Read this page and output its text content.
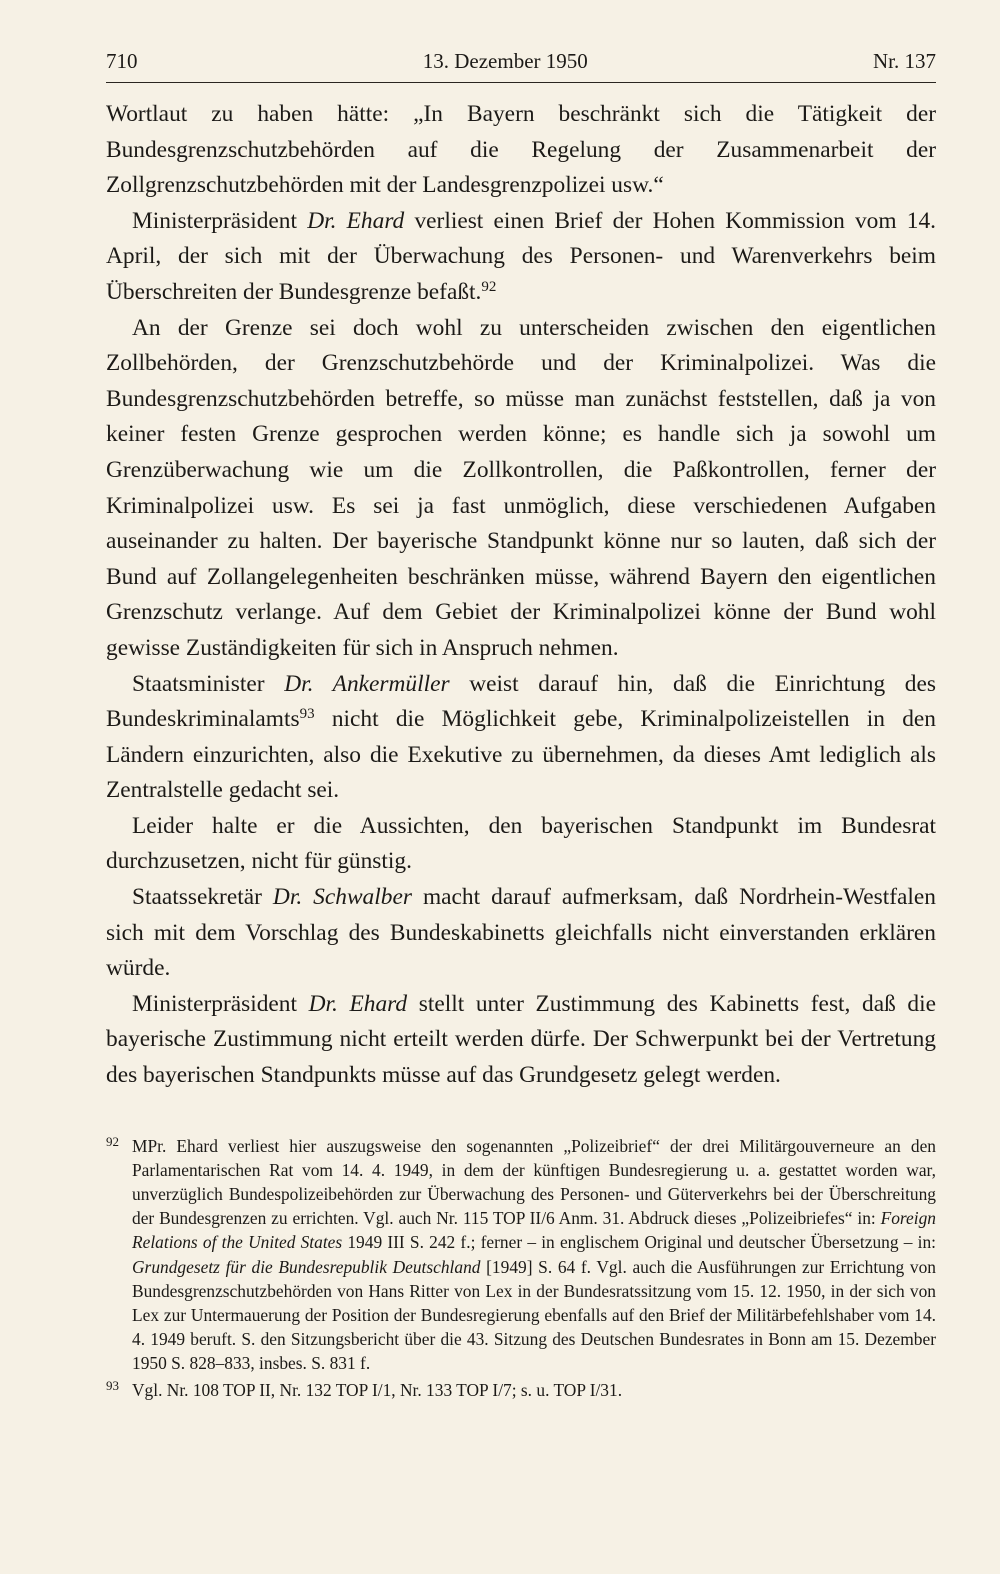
710	13. Dezember 1950	Nr. 137

Wortlaut zu haben hätte: „In Bayern beschränkt sich die Tätigkeit der Bundesgrenzschutzbehörden auf die Regelung der Zusammenarbeit der Zollgrenzschutzbehörden mit der Landesgrenzpolizei usw.“

Ministerpräsident Dr. Ehard verliest einen Brief der Hohen Kommission vom 14. April, der sich mit der Überwachung des Personen- und Warenverkehrs beim Überschreiten der Bundesgrenze befaßt.$^{92}$

An der Grenze sei doch wohl zu unterscheiden zwischen den eigentlichen Zollbehörden, der Grenzschutzbehörde und der Kriminalpolizei. Was die Bundesgrenzschutzbehörden betreffe, so müsse man zunächst feststellen, daß ja von keiner festen Grenze gesprochen werden könne; es handle sich ja sowohl um Grenzüberwachung wie um die Zollkontrollen, die Paßkontrollen, ferner der Kriminalpolizei usw. Es sei ja fast unmöglich, diese verschiedenen Aufgaben auseinander zu halten. Der bayerische Standpunkt könne nur so lauten, daß sich der Bund auf Zollangelegenheiten beschränken müsse, während Bayern den eigentlichen Grenzschutz verlange. Auf dem Gebiet der Kriminalpolizei könne der Bund wohl gewisse Zuständigkeiten für sich in Anspruch nehmen.

Staatsminister Dr. Ankermüller weist darauf hin, daß die Einrichtung des Bundeskriminalamts$^{93}$ nicht die Möglichkeit gebe, Kriminalpolizeistellen in den Ländern einzurichten, also die Exekutive zu übernehmen, da dieses Amt lediglich als Zentralstelle gedacht sei.

Leider halte er die Aussichten, den bayerischen Standpunkt im Bundesrat durchzusetzen, nicht für günstig.

Staatssekretär Dr. Schwalber macht darauf aufmerksam, daß Nordrhein-Westfalen sich mit dem Vorschlag des Bundeskabinetts gleichfalls nicht einverstanden erklären würde.

Ministerpräsident Dr. Ehard stellt unter Zustimmung des Kabinetts fest, daß die bayerische Zustimmung nicht erteilt werden dürfe. Der Schwerpunkt bei der Vertretung des bayerischen Standpunkts müsse auf das Grundgesetz gelegt werden.

92 MPr. Ehard verliest hier auszugsweise den sogenannten „Polizeibrief“ der drei Militärgouverneure an den Parlamentarischen Rat vom 14. 4. 1949, in dem der künftigen Bundesregierung u. a. gestattet worden war, unverzüglich Bundespolizeibehörden zur Überwachung des Personen- und Güterverkehrs bei der Überschreitung der Bundesgrenzen zu errichten. Vgl. auch Nr. 115 TOP II/6 Anm. 31. Abdruck dieses „Polizeibriefes“ in: Foreign Relations of the United States 1949 III S. 242 f.; ferner – in englischem Original und deutscher Übersetzung – in: Grundgesetz für die Bundesrepublik Deutschland [1949] S. 64 f. Vgl. auch die Ausführungen zur Errichtung von Bundesgrenzschutzbehörden von Hans Ritter von Lex in der Bundesratssitzung vom 15. 12. 1950, in der sich von Lex zur Untermauerung der Position der Bundesregierung ebenfalls auf den Brief der Militärbefehlshaber vom 14. 4. 1949 beruft. S. den Sitzungsbericht über die 43. Sitzung des Deutschen Bundesrates in Bonn am 15. Dezember 1950 S. 828–833, insbes. S. 831 f.
93 Vgl. Nr. 108 TOP II, Nr. 132 TOP I/1, Nr. 133 TOP I/7; s. u. TOP I/31.
